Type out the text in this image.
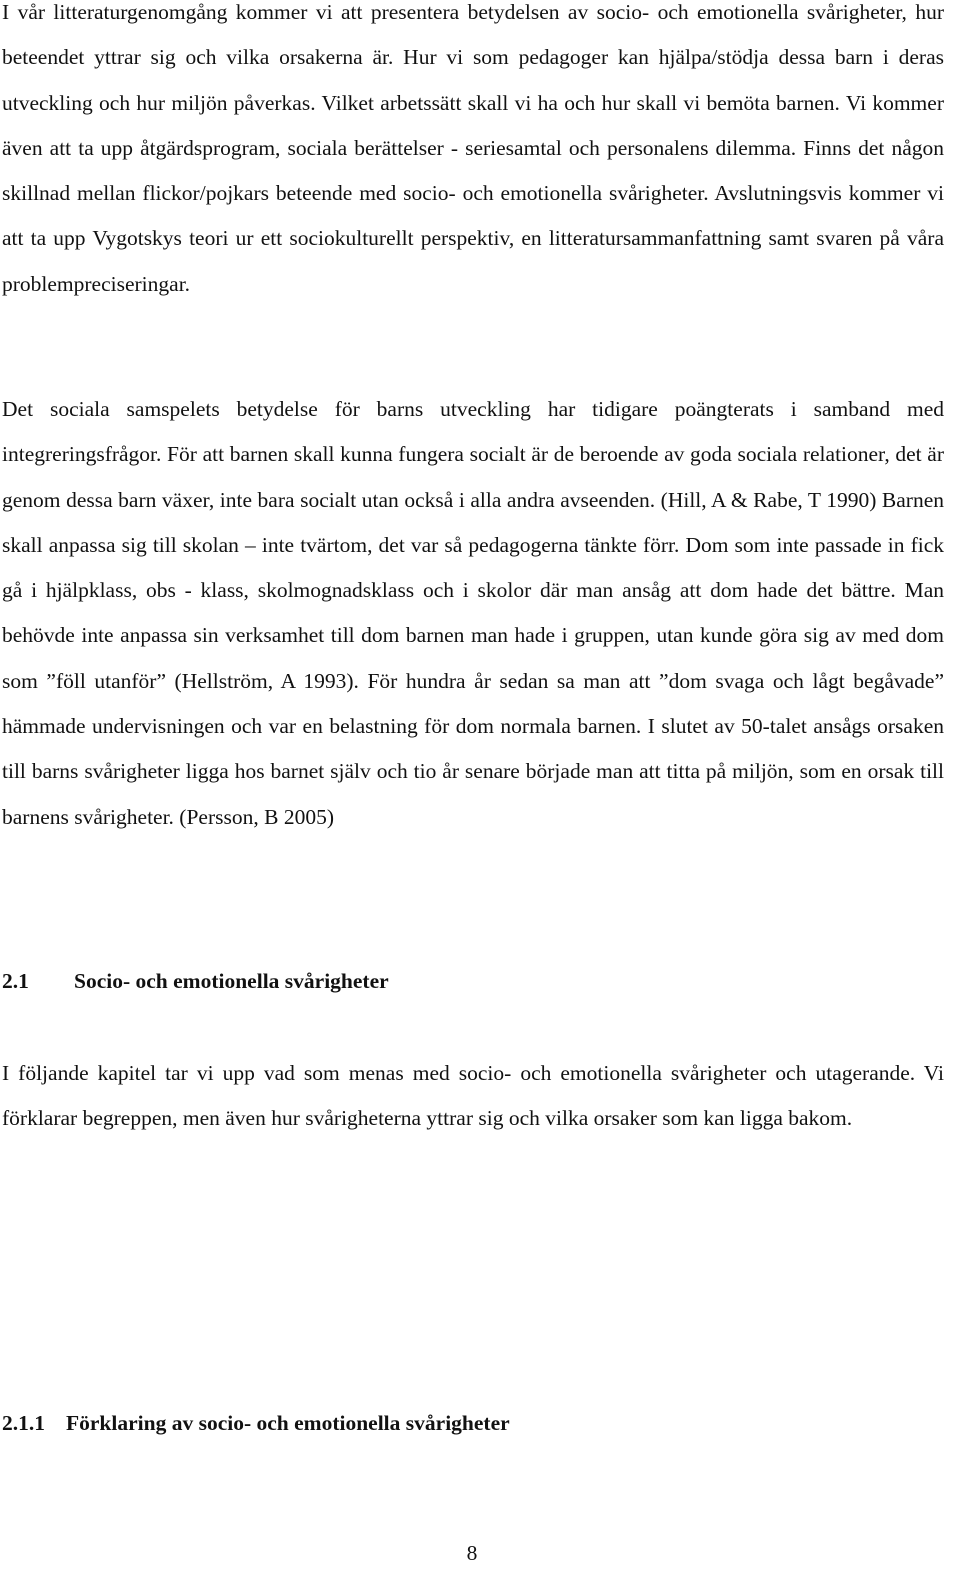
I vår litteraturgenomgång kommer vi att presentera betydelsen av socio- och emotionella svårigheter, hur beteendet yttrar sig och vilka orsakerna är. Hur vi som pedagoger kan hjälpa/stödja dessa barn i deras utveckling och hur miljön påverkas. Vilket arbetssätt skall vi ha och hur skall vi bemöta barnen. Vi kommer även att ta upp åtgärdsprogram, sociala berättelser - seriesamtal och personalens dilemma. Finns det någon skillnad mellan flickor/pojkars beteende med socio- och emotionella svårigheter. Avslutningsvis kommer vi att ta upp Vygotskys teori ur ett sociokulturellt perspektiv, en litteratursammanfattning samt svaren på våra problempreciseringar.

Det sociala samspelets betydelse för barns utveckling har tidigare poängterats i samband med integreringsfrågor. För att barnen skall kunna fungera socialt är de beroende av goda sociala relationer, det är genom dessa barn växer, inte bara socialt utan också i alla andra avseenden. (Hill, A & Rabe, T 1990) Barnen skall anpassa sig till skolan – inte tvärtom, det var så pedagogerna tänkte förr. Dom som inte passade in fick gå i hjälpklass, obs - klass, skolmognadsklass och i skolor där man ansåg att dom hade det bättre. Man behövde inte anpassa sin verksamhet till dom barnen man hade i gruppen, utan kunde göra sig av med dom som ”föll utanför” (Hellström, A 1993). För hundra år sedan sa man att ”dom svaga och lågt begåvade” hämmade undervisningen och var en belastning för dom normala barnen. I slutet av 50-talet ansågs orsaken till barns svårigheter ligga hos barnet själv och tio år senare började man att titta på miljön, som en orsak till barnens svårigheter. (Persson, B 2005)

2.1 Socio- och emotionella svårigheter

I följande kapitel tar vi upp vad som menas med socio- och emotionella svårigheter och utagerande. Vi förklarar begreppen, men även hur svårigheterna yttrar sig och vilka orsaker som kan ligga bakom.

2.1.1 Förklaring av socio- och emotionella svårigheter
8
